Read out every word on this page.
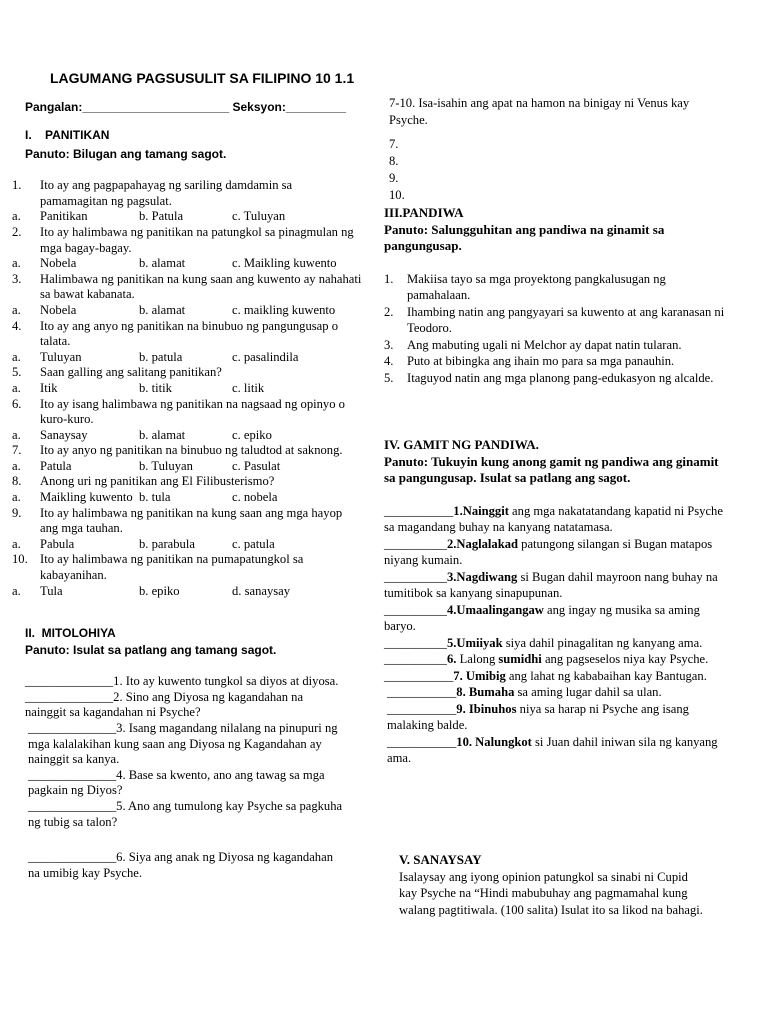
LAGUMANG PAGSUSULIT SA FILIPINO 10 1.1
Pangalan:______________________ Seksyon:_________
I.    PANITIKAN
Panuto: Bilugan ang tamang sagot.
1.	Ito ay ang pagpapahayag ng sariling damdamin sa pamamagitan ng pagsulat.
a.	Panitikan	b. Patula	c. Tuluyan
2.	Ito ay halimbawa ng panitikan na patungkol sa pinagmulan ng mga bagay-bagay.
a.	Nobela	b. alamat	c. Maikling kuwento
3.	Halimbawa ng panitikan na kung saan ang kuwento ay nahahati sa bawat kabanata.
a.	Nobela	b. alamat	c. maikling kuwento
4.	Ito ay ang anyo ng panitikan na binubuo ng pangungusap o talata.
a.	Tuluyan	b. patula	c. pasalindila
5.	Saan galling ang salitang panitikan?
a.	Itik	b. titik	c. litik
6.	Ito ay isang halimbawa ng panitikan na nagsaad ng opinyo o kuro-kuro.
a.	Sanaysay	b. alamat	c. epiko
7.	Ito ay anyo ng panitikan na binubuo ng taludtod at saknong.
a.	Patula	b. Tuluyan	c. Pasulat
8.	Anong uri ng panitikan ang El Filibusterismo?
a.	Maikling kuwento b. tula	c. nobela
9.	Ito ay halimbawa ng panitikan na kung saan ang mga hayop ang mga tauhan.
a.	Pabula	b. parabula	c. patula
10. Ito ay halimbawa ng panitikan na pumapatungkol sa kabayanihan.
a.	Tula	b. epiko	d. sanaysay
II.  MITOLOHIYA
Panuto: Isulat sa patlang ang tamang sagot.
______________1. Ito ay kuwento tungkol sa diyos at diyosa.
______________2. Sino ang Diyosa ng kagandahan na nainggit sa kagandahan ni Psyche?
______________3. Isang magandang nilalang na pinupuri ng mga kalalakihan kung saan ang Diyosa ng Kagandahan ay nainggit sa kanya.
______________4. Base sa kwento, ano ang tawag sa mga pagkain ng Diyos?
______________5. Ano ang tumulong kay Psyche sa pagkuha ng tubig sa talon?
______________6. Siya ang anak ng Diyosa ng kagandahan na umibig kay Psyche.
7-10. Isa-isahin ang apat na hamon na binigay ni Venus kay Psyche.
7.
8.
9.
10.
III.PANDIWA
Panuto: Salungguhitan ang pandiwa na ginamit sa pangungusap.
1.	Makiisa tayo sa mga proyektong pangkalusugan ng pamahalaan.
2.	Ihambing natin ang pangyayari sa kuwento at ang karanasan ni Teodoro.
3.	Ang mabuting ugali ni Melchor ay dapat natin tularan.
4.	Puto at bibingka ang ihain mo para sa mga panauhin.
5.	Itaguyod natin ang mga planong pang-edukasyon ng alcalde.
IV. GAMIT NG PANDIWA.
Panuto: Tukuyin kung anong gamit ng pandiwa ang ginamit sa pangungusap. Isulat sa patlang ang sagot.
___________1.Nainggit ang mga nakatatandang kapatid ni Psyche sa magandang buhay na kanyang natatamasa.
__________2.Naglalakad patungong silangan si Bugan matapos niyang kumain.
__________3.Nagdiwang si Bugan dahil mayroon nang buhay na tumitibok sa kanyang sinapupunan.
__________4.Umaalingangaw ang ingay ng musika sa aming baryo.
__________5.Umiiyak siya dahil pinagalitan ng kanyang ama.
__________6. Lalong sumidhi ang pagseselos niya kay Psyche.
___________7. Umibig ang lahat ng kababaihan kay Bantugan.
___________8. Bumaha sa aming lugar dahil sa ulan.
___________9. Ibinuhos niya sa harap ni Psyche ang isang malaking balde.
___________10. Nalungkot si Juan dahil iniwan sila ng kanyang ama.
V. SANAYSAY
Isalaysay ang iyong opinion patungkol sa sinabi ni Cupid kay Psyche na “Hindi mabubuhay ang pagmamahal kung walang pagtitiwala. (100 salita) Isulat ito sa likod na bahagi.
